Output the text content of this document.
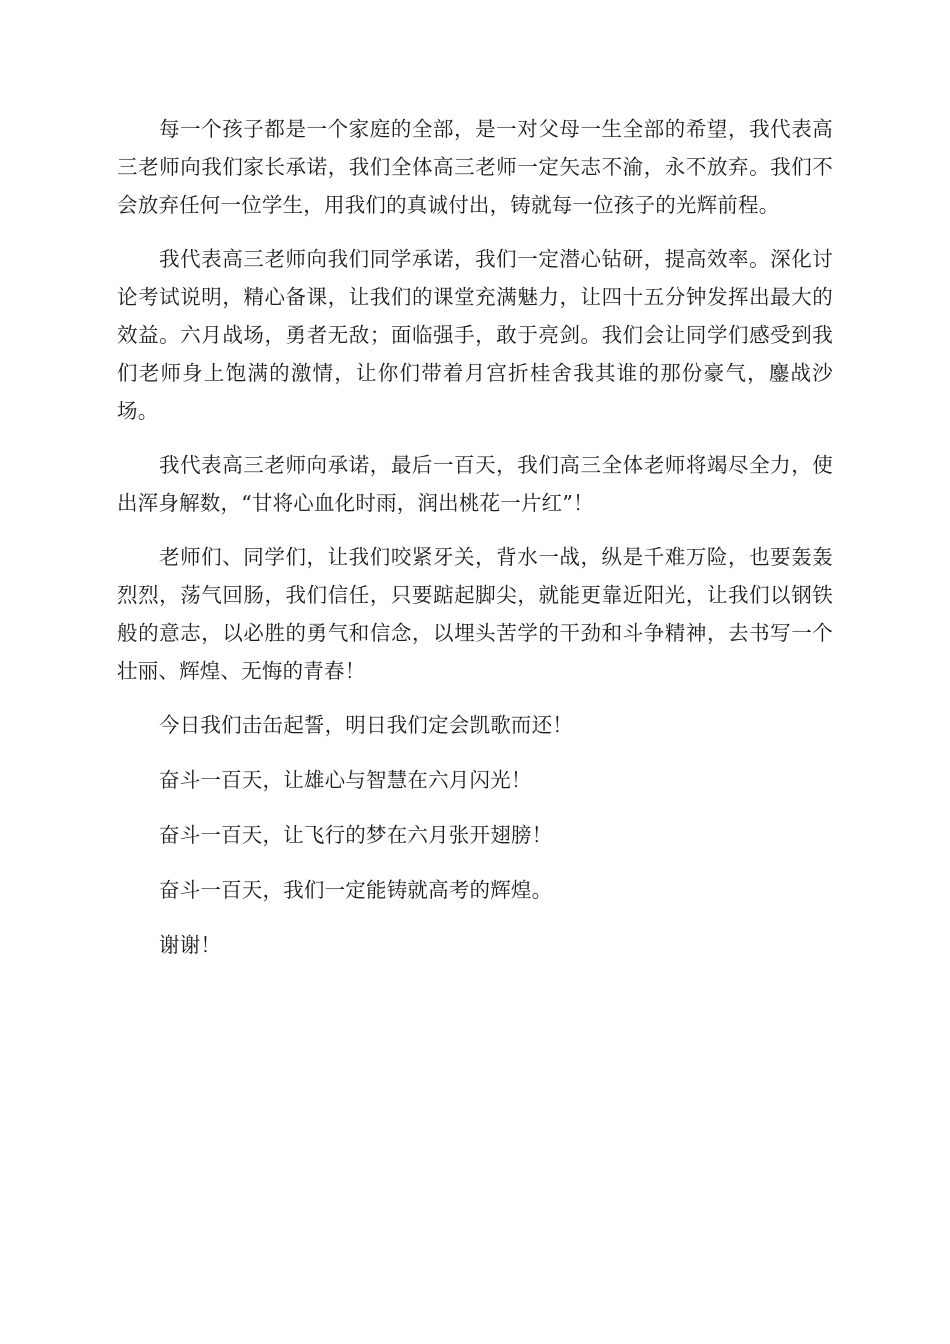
每一个孩子都是一个家庭的全部，是一对父母一生全部的希望，我代表高三老师向我们家长承诺，我们全体高三老师一定矢志不渝，永不放弃。我们不会放弃任何一位学生，用我们的真诚付出，铸就每一位孩子的光辉前程。

我代表高三老师向我们同学承诺，我们一定潜心钻研，提高效率。深化讨论考试说明，精心备课，让我们的课堂充满魅力，让四十五分钟发挥出最大的效益。六月战场，勇者无敌；面临强手，敢于亮剑。我们会让同学们感受到我们老师身上饱满的激情，让你们带着月宫折桂舍我其谁的那份豪气，鏖战沙场。

我代表高三老师向承诺，最后一百天，我们高三全体老师将竭尽全力，使出浑身解数，“甘将心血化时雨，润出桃花一片红”！

老师们、同学们，让我们咬紧牙关，背水一战，纵是千难万险，也要轰轰烈烈，荡气回肠，我们信任，只要踮起脚尖，就能更靠近阳光，让我们以钢铁般的意志，以必胜的勇气和信念，以埋头苦学的干劲和斗争精神，去书写一个壮丽、辉煌、无悔的青春！

今日我们击缶起誓，明日我们定会凯歌而还！

奋斗一百天，让雄心与智慧在六月闪光！

奋斗一百天，让飞行的梦在六月张开翅膀！

奋斗一百天，我们一定能铸就高考的辉煌。

谢谢！
